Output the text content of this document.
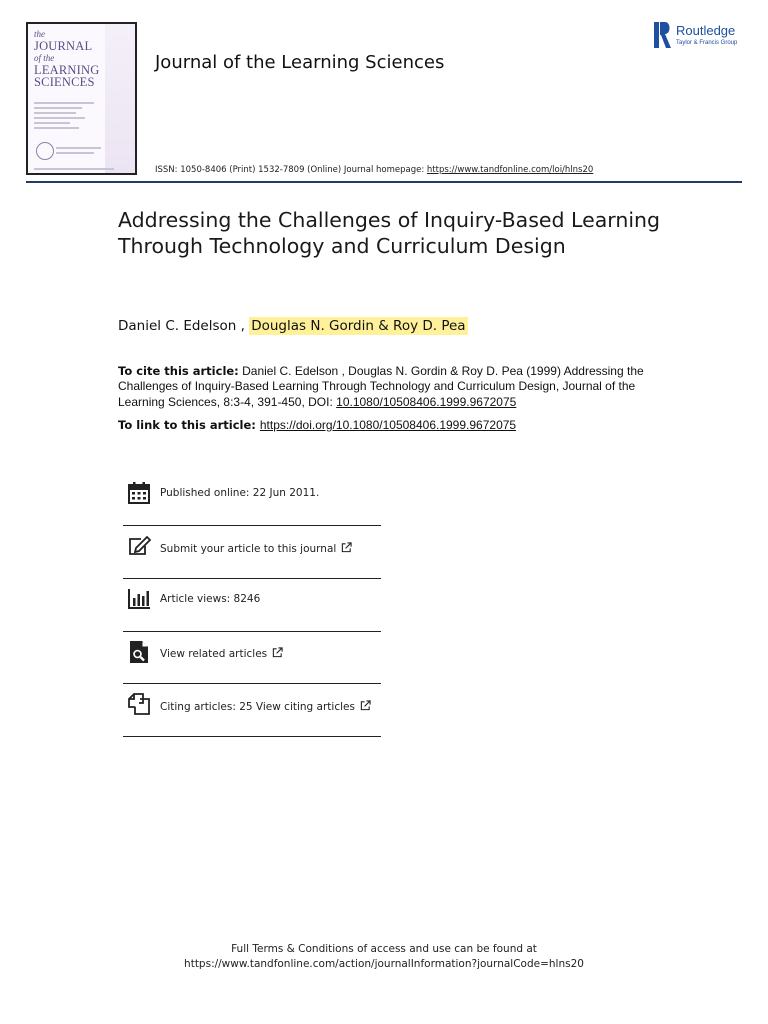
the
JOURNAL
of the
LEARNING
SCIENCES
Journal of the Learning Sciences
Routledge
Taylor & Francis Group
ISSN: 1050-8406 (Print) 1532-7809 (Online) Journal homepage: https://www.tandfonline.com/loi/hlns20
Addressing the Challenges of Inquiry-Based Learning Through Technology and Curriculum Design
Daniel C. Edelson , Douglas N. Gordin & Roy D. Pea
To cite this article: Daniel C. Edelson , Douglas N. Gordin & Roy D. Pea (1999) Addressing the Challenges of Inquiry-Based Learning Through Technology and Curriculum Design, Journal of the Learning Sciences, 8:3-4, 391-450, DOI: 10.1080/10508406.1999.9672075
To link to this article: https://doi.org/10.1080/10508406.1999.9672075
Published online: 22 Jun 2011.
Submit your article to this journal
Article views: 8246
View related articles
Citing articles: 25 View citing articles
Full Terms & Conditions of access and use can be found at
https://www.tandfonline.com/action/journalInformation?journalCode=hlns20
